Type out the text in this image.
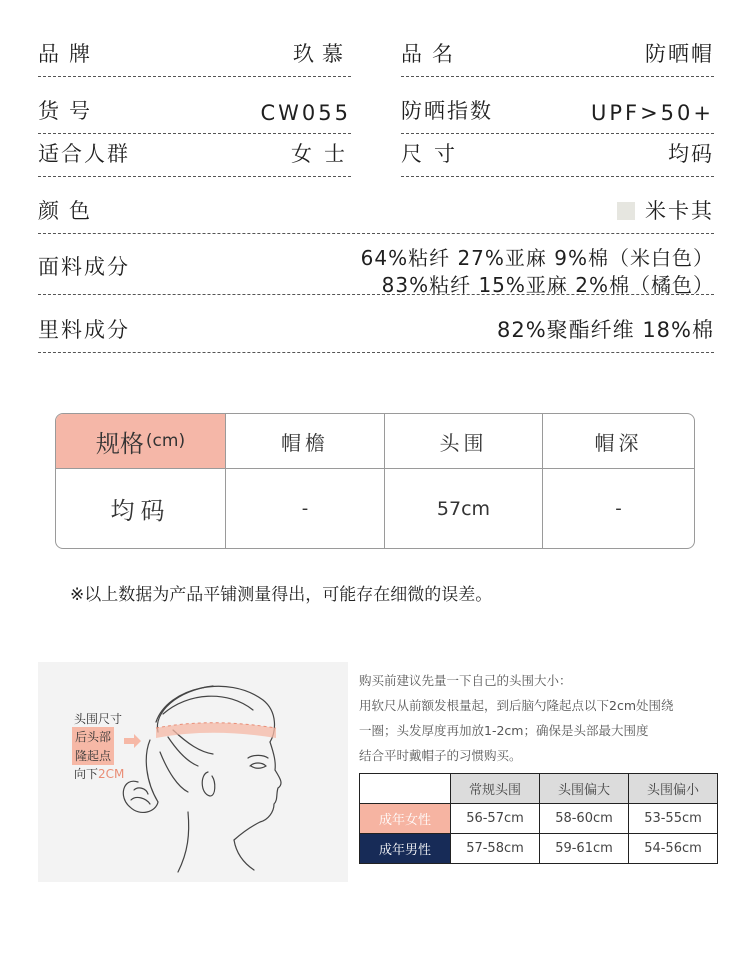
品牌	玖慕 品名	防晒帽
货号	CW055 防晒指数	UPF>50+
适合人群	女士 尺寸	均码
颜色	米卡其
面料成分	64%粘纤 27%亚麻 9%棉（米白色）
83%粘纤 15%亚麻 2%棉（橘色）
里料成分	82%聚酯纤维 18%棉
规格 (cm)	帽檐	头围	帽深
均码	-	57cm	-
※以上数据为产品平铺测量得出，可能存在细微的误差。
头围尺寸
后头部
隆起点
向下2CM
购买前建议先量一下自己的头围大小：
用软尺从前额发根量起，到后脑勺隆起点以下2cm处围绕
一圈；头发厚度再加放1-2cm；确保是头部最大围度
结合平时戴帽子的习惯购买。
	常规头围	头围偏大	头围偏小
成年女性	56-57cm	58-60cm	53-55cm
成年男性	57-58cm	59-61cm	54-56cm
